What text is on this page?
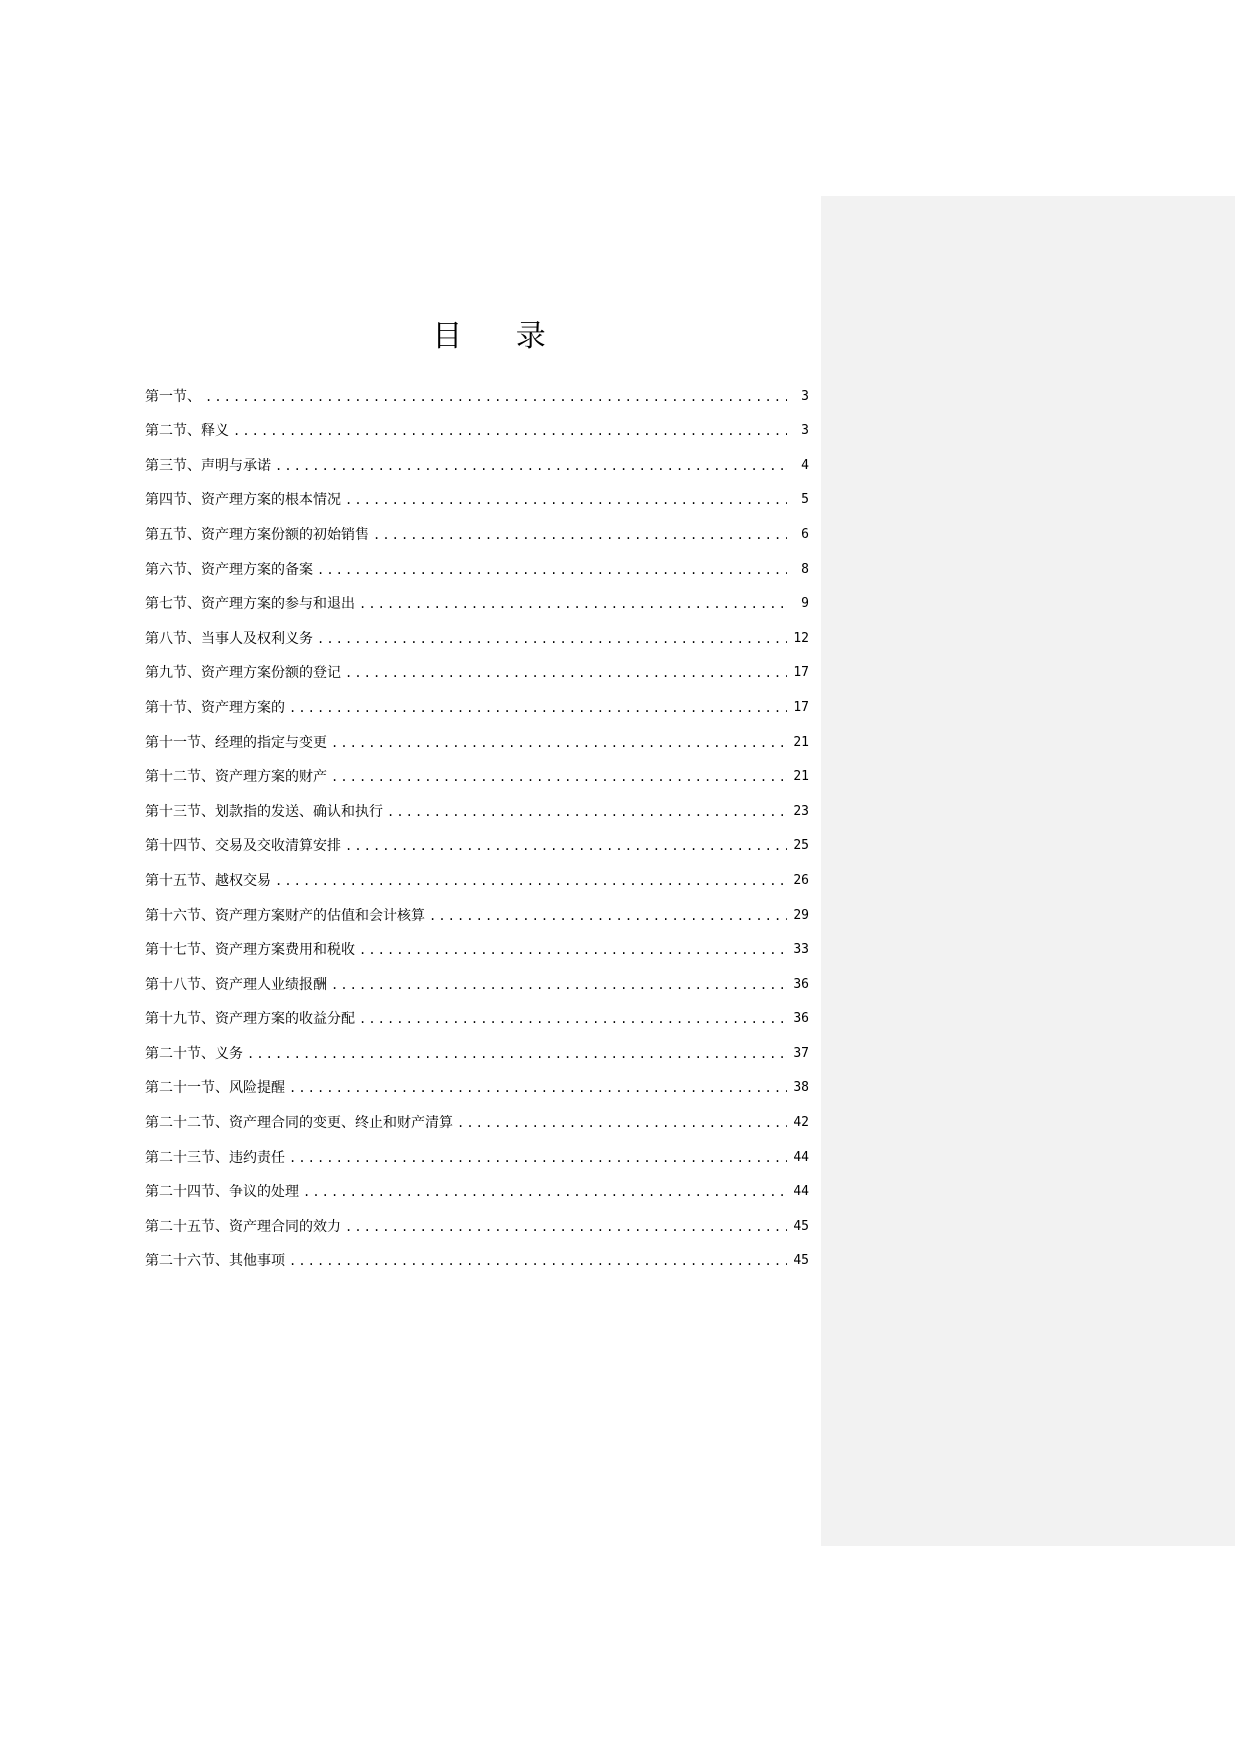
目 录
第一节、 .....	3
第二节、释义 .....	3
第三节、声明与承诺 .....	4
第四节、资产理方案的根本情况 .....	5
第五节、资产理方案份额的初始销售 .....	6
第六节、资产理方案的备案 .....	8
第七节、资产理方案的参与和退出 .....	9
第八节、当事人及权利义务 .....	12
第九节、资产理方案份额的登记 .....	17
第十节、资产理方案的 .....	17
第十一节、经理的指定与变更 .....	21
第十二节、资产理方案的财产 .....	21
第十三节、划款指的发送、确认和执行 .....	23
第十四节、交易及交收清算安排 .....	25
第十五节、越权交易 .....	26
第十六节、资产理方案财产的估值和会计核算 .....	29
第十七节、资产理方案费用和税收 .....	33
第十八节、资产理人业绩报酬 .....	36
第十九节、资产理方案的收益分配 .....	36
第二十节、义务 .....	37
第二十一节、风险提醒 .....	38
第二十二节、资产理合同的变更、终止和财产清算 .....	42
第二十三节、违约责任 .....	44
第二十四节、争议的处理 .....	44
第二十五节、资产理合同的效力 .....	45
第二十六节、其他事项 .....	45
